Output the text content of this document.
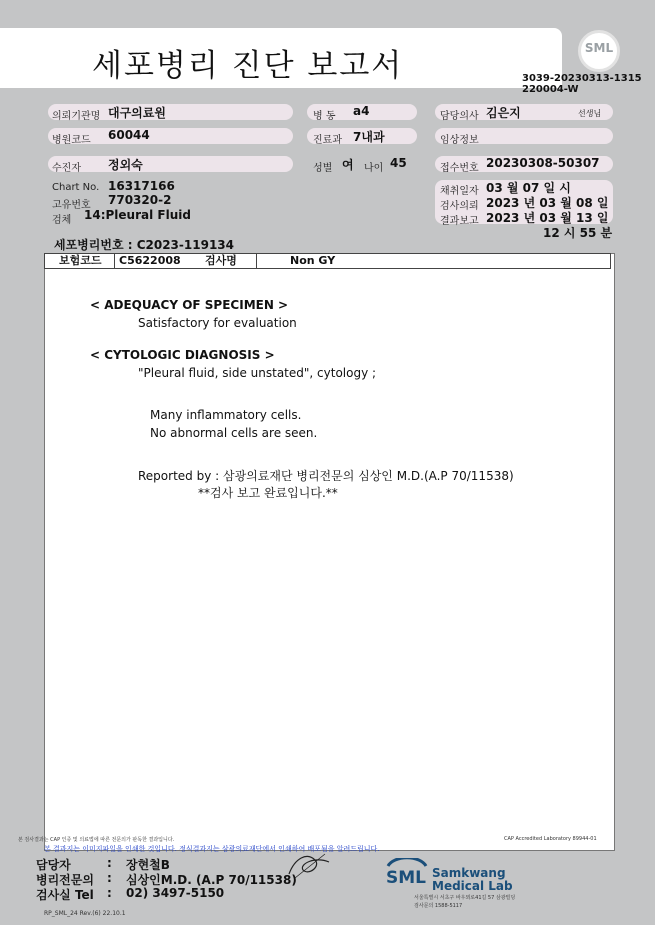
세포병리 진단 보고서	SML
3039-20230313-1315
220004-W
의뢰기관명 대구의료원	병 동 a4	담당의사 김은지	선생님
병원코드 60044	진료과 7내과	임상정보
수진자 정외숙	성별 여 나이 45	접수번호 20230308-50307
Chart No. 16317166
고유번호 770320-2
검체 14:Pleural Fluid
채취일자 03 월 07 일 시
검사의뢰 2023 년 03 월 08 일
결과보고 2023 년 03 월 13 일
12 시 55 분
세포병리번호 : C2023-119134
보험코드 C5622008 검사명	Non GY
< ADEQUACY OF SPECIMEN >
Satisfactory for evaluation
< CYTOLOGIC DIAGNOSIS >
"Pleural fluid, side unstated", cytology ;
Many inflammatory cells.
No abnormal cells are seen.
Reported by : 삼광의료재단 병리전문의 심상인 M.D.(A.P 70/11538)
**검사 보고 완료입니다.**
본 검사결과는 CAP 인증 및 의료법에 따른 전문의가 판독한 결과입니다.	CAP Accredited Laboratory 89944-01
본 결과지는 이미지파일을 인쇄한 것입니다. 정식결과지는 삼광의료재단에서 인쇄하여 배포됨을 알려드립니다.
담당자	: 장현철B
병리전문의 : 심상인M.D. (A.P 70/11538)
검사실 Tel : 02) 3497-5150
RP_SML_24 Rev.(6) 22.10.1
SML Samkwang
Medical Lab
서울특별시 서초구 바우뫼로41길 57 삼광빌딩
검사문의 1588-5117
